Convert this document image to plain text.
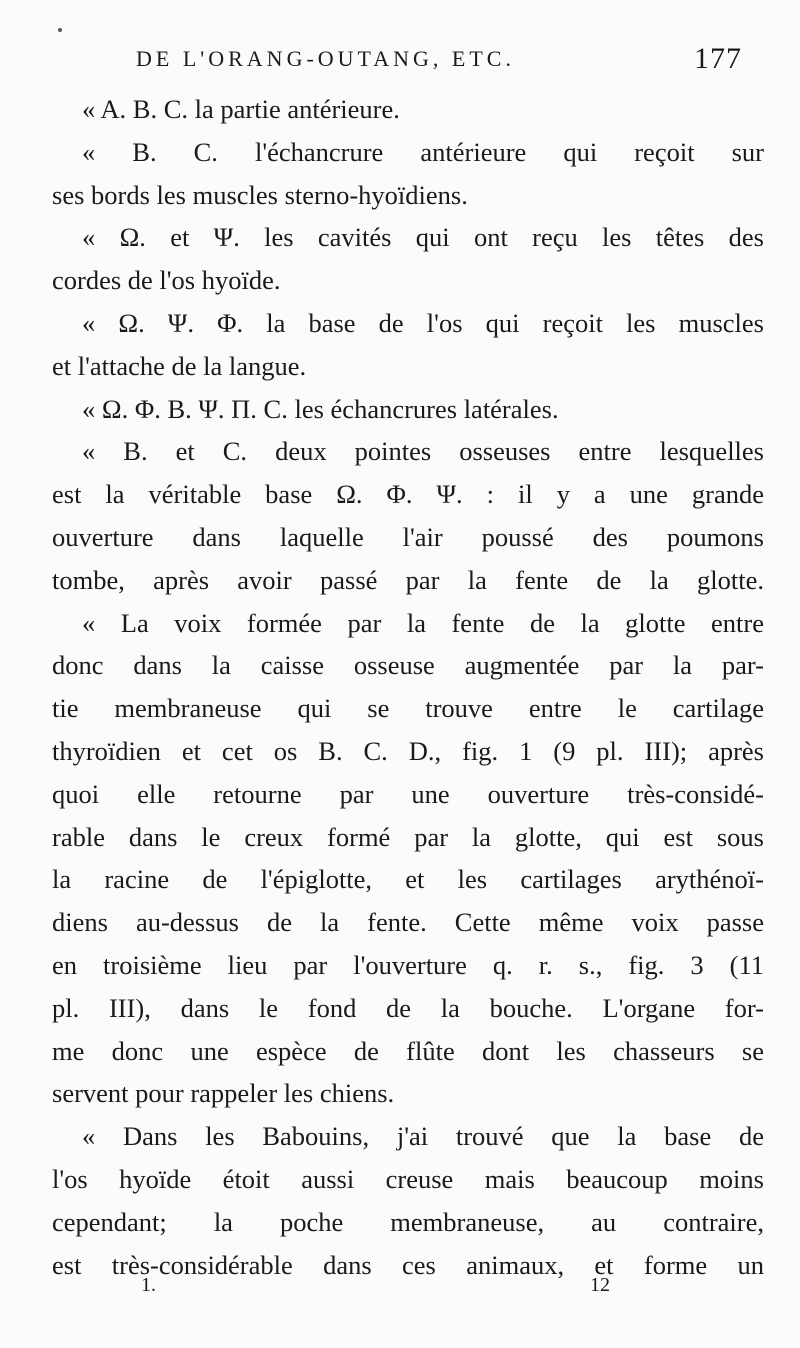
DE L'ORANG-OUTANG, ETC.	177
« A. B. C. la partie antérieure.
« B. C. l'échancrure antérieure qui reçoit sur
ses bords les muscles sterno-hyoïdiens.
« Ω. et Ψ. les cavités qui ont reçu les têtes des
cordes de l'os hyoïde.
« Ω. Ψ. Φ. la base de l'os qui reçoit les muscles
et l'attache de la langue.
« Ω. Φ. B. Ψ. Π. C. les échancrures latérales.
« B. et C. deux pointes osseuses entre lesquelles
est la véritable base Ω. Φ. Ψ. : il y a une grande
ouverture dans laquelle l'air poussé des poumons
tombe, après avoir passé par la fente de la glotte.
« La voix formée par la fente de la glotte entre
donc dans la caisse osseuse augmentée par la par-
tie membraneuse qui se trouve entre le cartilage
thyroïdien et cet os B. C. D., fig. 1 (9 pl. III); après
quoi elle retourne par une ouverture très-considé-
rable dans le creux formé par la glotte, qui est sous
la racine de l'épiglotte, et les cartilages arythénoï-
diens au-dessus de la fente. Cette même voix passe
en troisième lieu par l'ouverture q. r. s., fig. 3 (11
pl. III), dans le fond de la bouche. L'organe for-
me donc une espèce de flûte dont les chasseurs se
servent pour rappeler les chiens.
« Dans les Babouins, j'ai trouvé que la base de
l'os hyoïde étoit aussi creuse mais beaucoup moins
cependant; la poche membraneuse, au contraire,
est très-considérable dans ces animaux, et forme un
1.	12
